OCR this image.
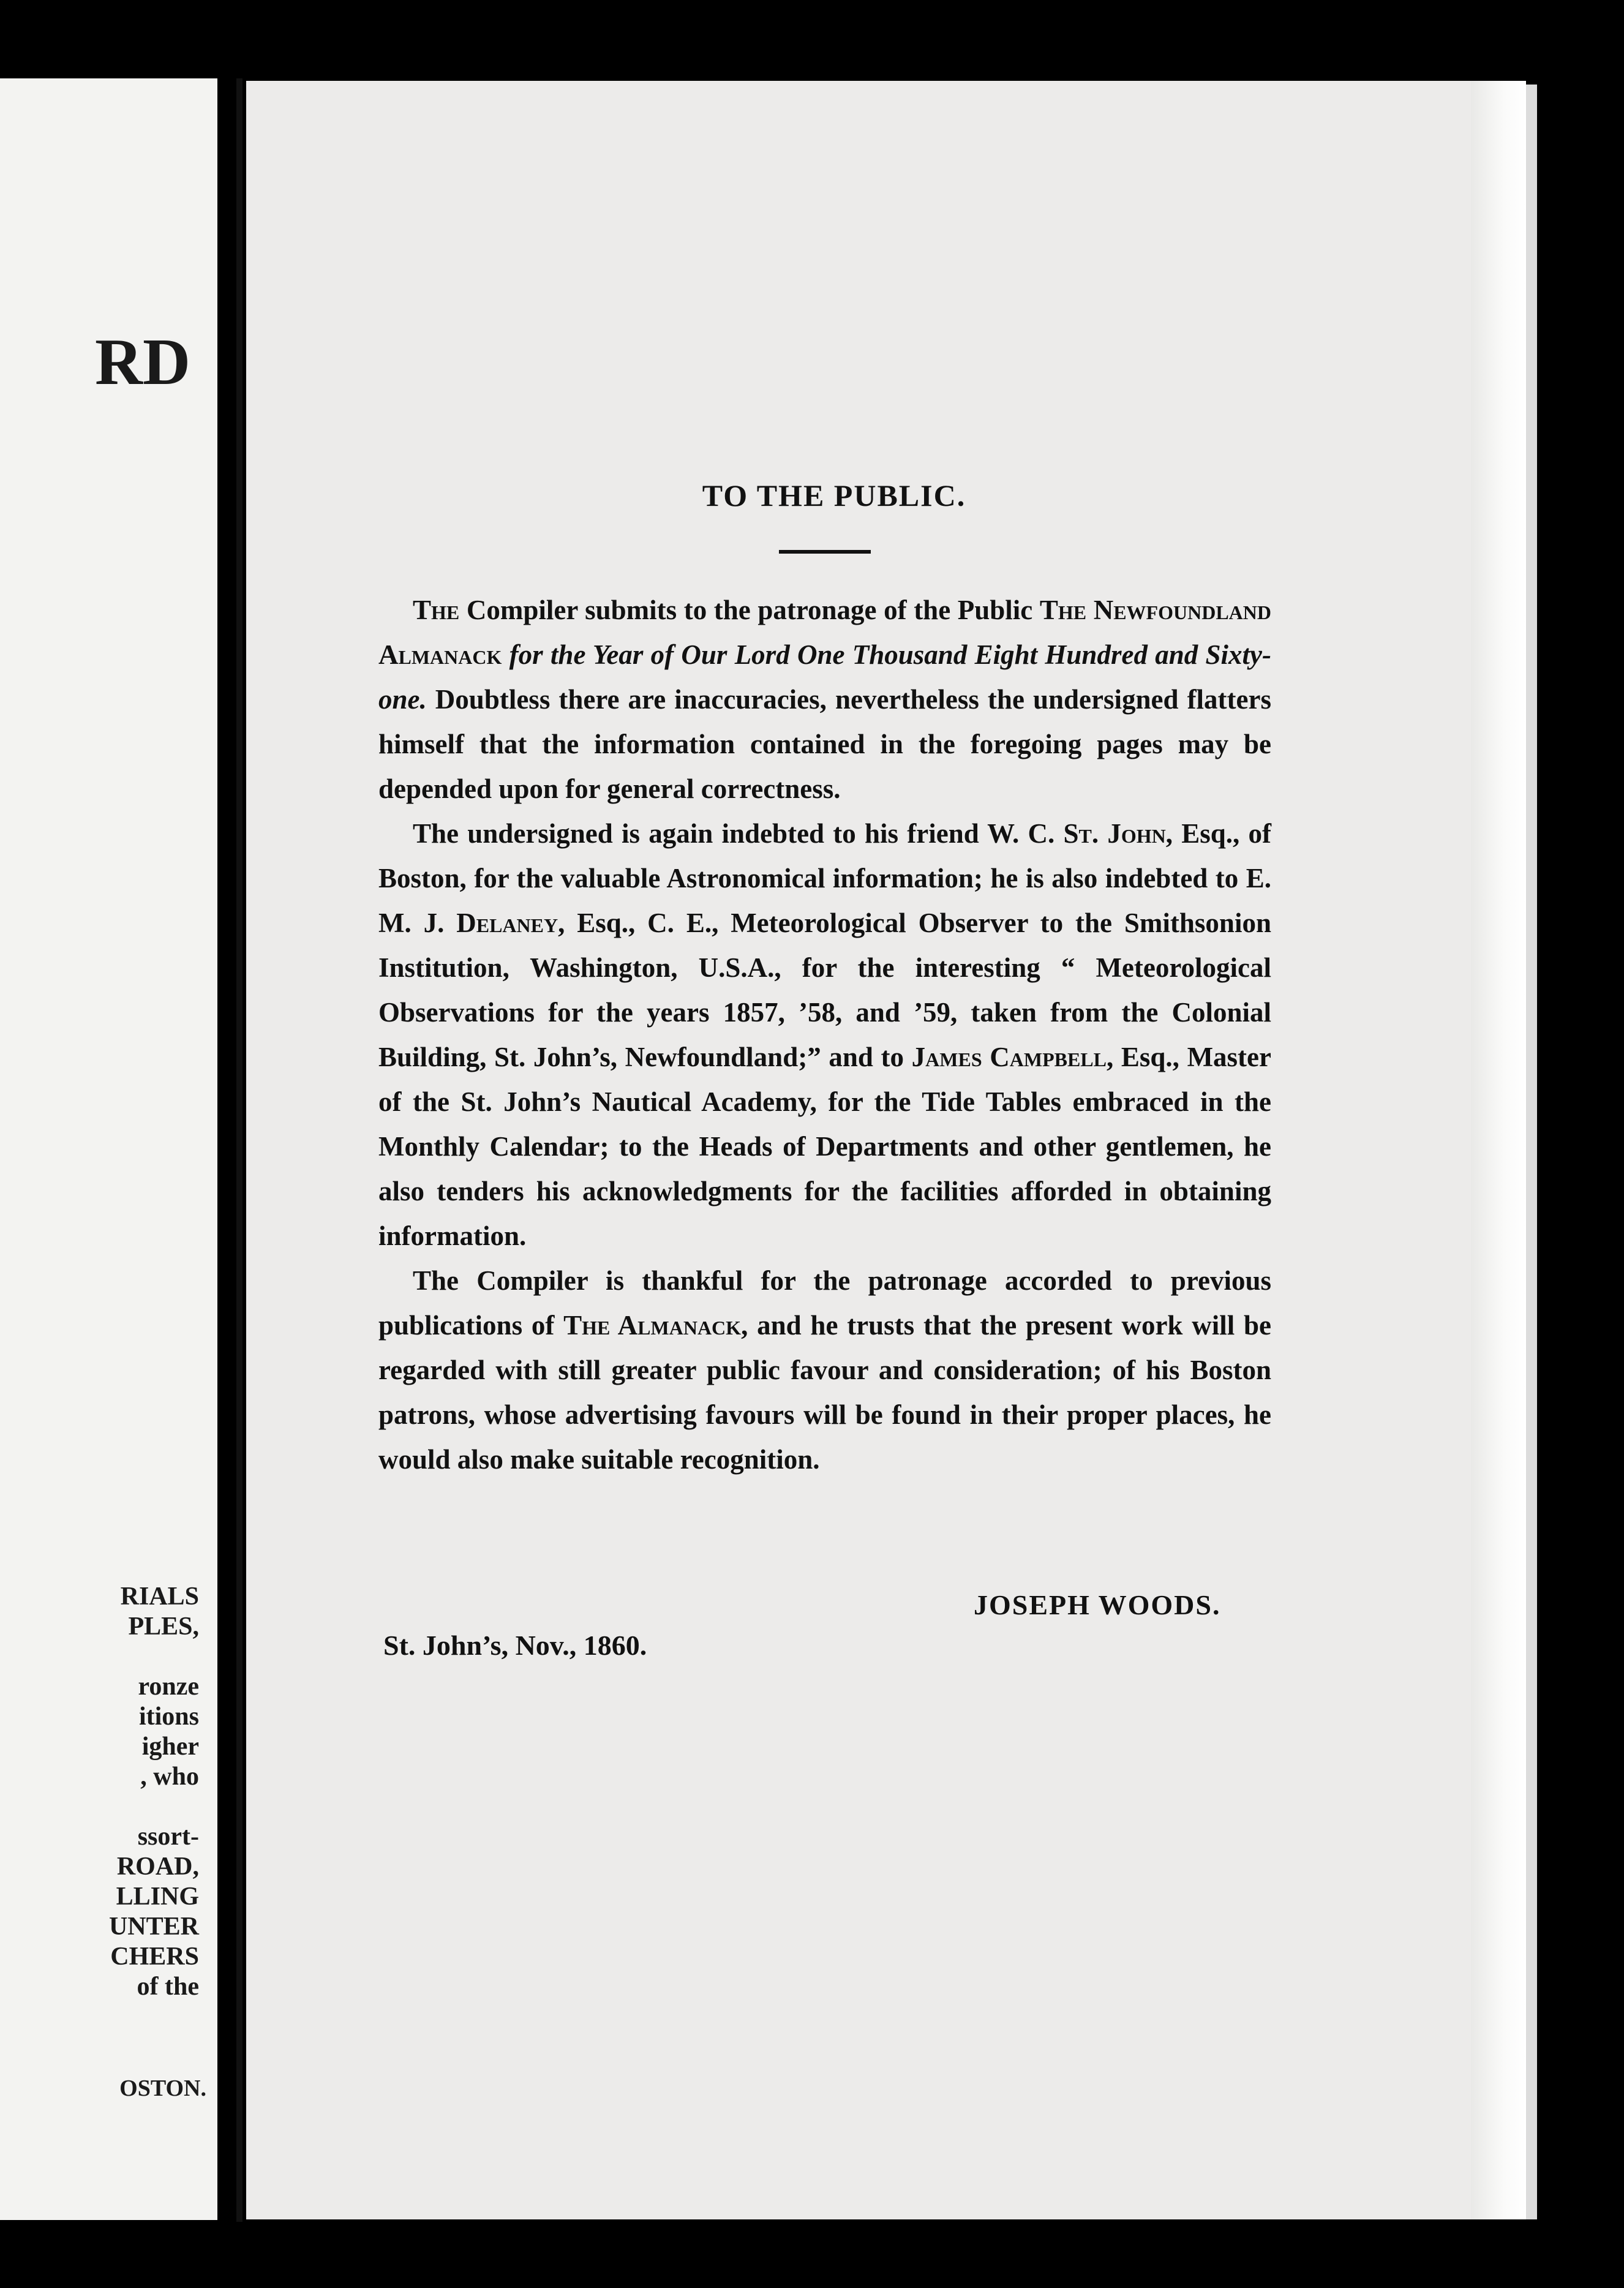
RD
RIALS
PLES,
ronze
itions
igher
, who
ssort-
ROAD,
LLING
UNTER
CHERS
of the
OSTON.
TO THE PUBLIC.

The Compiler submits to the patronage of the Public The Newfoundland Almanack for the Year of Our Lord One Thousand Eight Hundred and Sixty-one. Doubtless there are inaccuracies, nevertheless the undersigned flatters himself that the information contained in the foregoing pages may be depended upon for general correctness.

The undersigned is again indebted to his friend W. C. St. John, Esq., of Boston, for the valuable Astronomical information; he is also indebted to E. M. J. Delaney, Esq., C. E., Meteorological Observer to the Smithsonion Institution, Washington, U.S.A., for the interesting “ Meteorological Observations for the years 1857, ’58, and ’59, taken from the Colonial Building, St. John’s, Newfoundland;” and to James Campbell, Esq., Master of the St. John’s Nautical Academy, for the Tide Tables embraced in the Monthly Calendar; to the Heads of Departments and other gentlemen, he also tenders his acknowledgments for the facilities afforded in obtaining information.

The Compiler is thankful for the patronage accorded to previous publications of The Almanack, and he trusts that the present work will be regarded with still greater public favour and consideration; of his Boston patrons, whose advertising favours will be found in their proper places, he would also make suitable recognition.

JOSEPH WOODS.
St. John’s, Nov., 1860.
